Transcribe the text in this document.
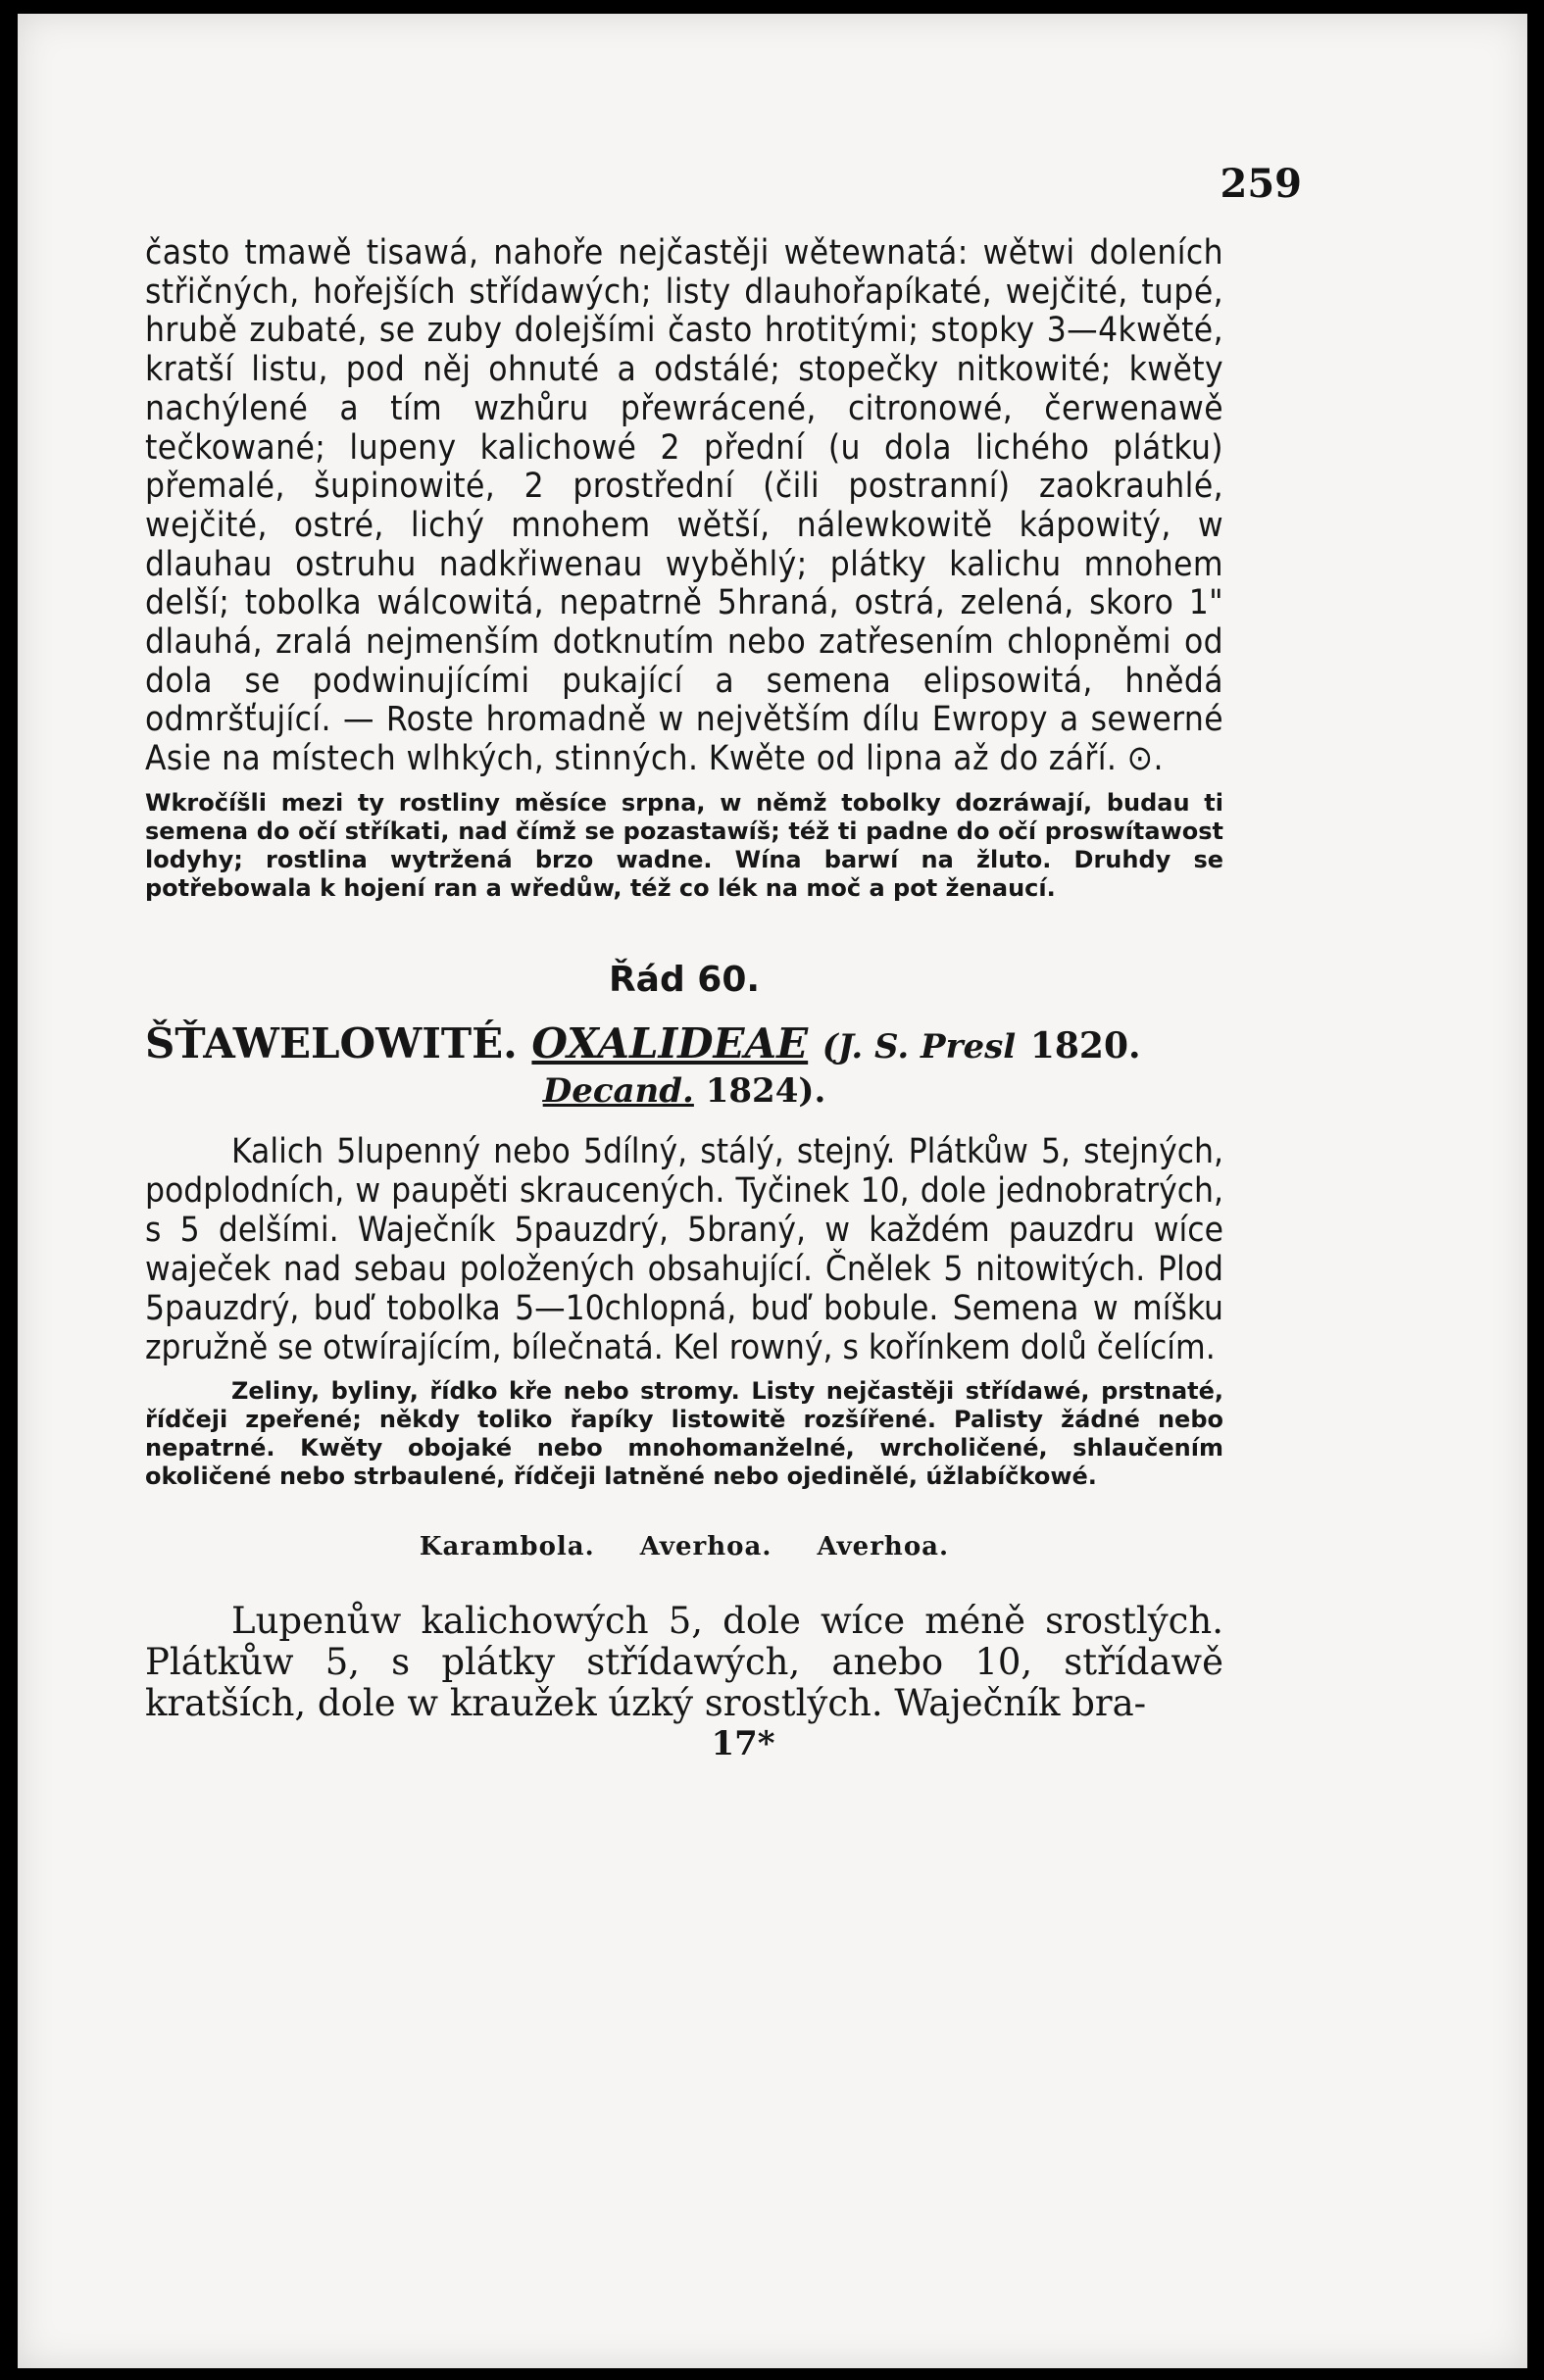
259

často tmawě tisawá, nahoře nejčastěji wětewnatá: wětwi doleních střičných, hořejších střídawých; listy dlauhořapíkaté, wejčité, tupé, hrubě zubaté, se zuby dolejšími často hrotitými; stopky 3—4kwěté, kratší listu, pod něj ohnuté a odstálé; stopečky nitkowité; kwěty nachýlené a tím wzhůru přewrácené, citronowé, čerwenawě tečkowané; lupeny kalichowé 2 přední (u dola lichého plátku) přemalé, šupinowité, 2 prostřední (čili postranní) zaokrauhlé, wejčité, ostré, lichý mnohem wětší, nálewkowitě kápowitý, w dlauhau ostruhu nadkřiwenau wyběhlý; plátky kalichu mnohem delší; tobolka wálcowitá, nepatrně 5hraná, ostrá, zelená, skoro 1" dlauhá, zralá nejmenším dotknutím nebo zatřesením chlopněmi od dola se podwinujícími pukající a semena elipsowitá, hnědá odmršťující. — Roste hromadně w největším dílu Ewropy a sewerné Asie na místech wlhkých, stinných. Kwěte od lipna až do září. ⊙.

Wkročíšli mezi ty rostliny měsíce srpna, w němž tobolky dozráwají, budau ti semena do očí stříkati, nad čímž se pozastawíš; též ti padne do očí proswítawost lodyhy; rostlina wytržená brzo wadne. Wína barwí na žluto. Druhdy se potřebowala k hojení ran a wředůw, též co lék na moč a pot ženaucí.

Řád 60.

ŠŤAWELOWITÉ. OXALIDEAE (J. S. Presl 1820.

Decand. 1824).

Kalich 5lupenný nebo 5dílný, stálý, stejný. Plátkůw 5, stejných, podplodních, w paupěti skraucených. Tyčinek 10, dole jednobratrých, s 5 delšími. Waječník 5pauzdrý, 5braný, w každém pauzdru wíce waječek nad sebau položených obsahující. Čnělek 5 nitowitých. Plod 5pauzdrý, buď tobolka 5—10chlopná, buď bobule. Semena w míšku zpružně se otwírajícím, bílečnatá. Kel rowný, s kořínkem dolů čelícím.

Zeliny, byliny, řídko kře nebo stromy. Listy nejčastěji střídawé, prstnaté, řídčeji zpeřené; někdy toliko řapíky listowitě rozšířené. Palisty žádné nebo nepatrné. Kwěty obojaké nebo mnohomanželné, wrcholičené, shlaučením okoličené nebo strbaulené, řídčeji latněné nebo ojedinělé, úžlabíčkowé.

Karambola. Averhoa. Averhoa.

Lupenůw kalichowých 5, dole wíce méně srostlých. Plátkůw 5, s plátky střídawých, anebo 10, střídawě kratších, dole w kraužek úzký srostlých. Waječník bra-

17*
